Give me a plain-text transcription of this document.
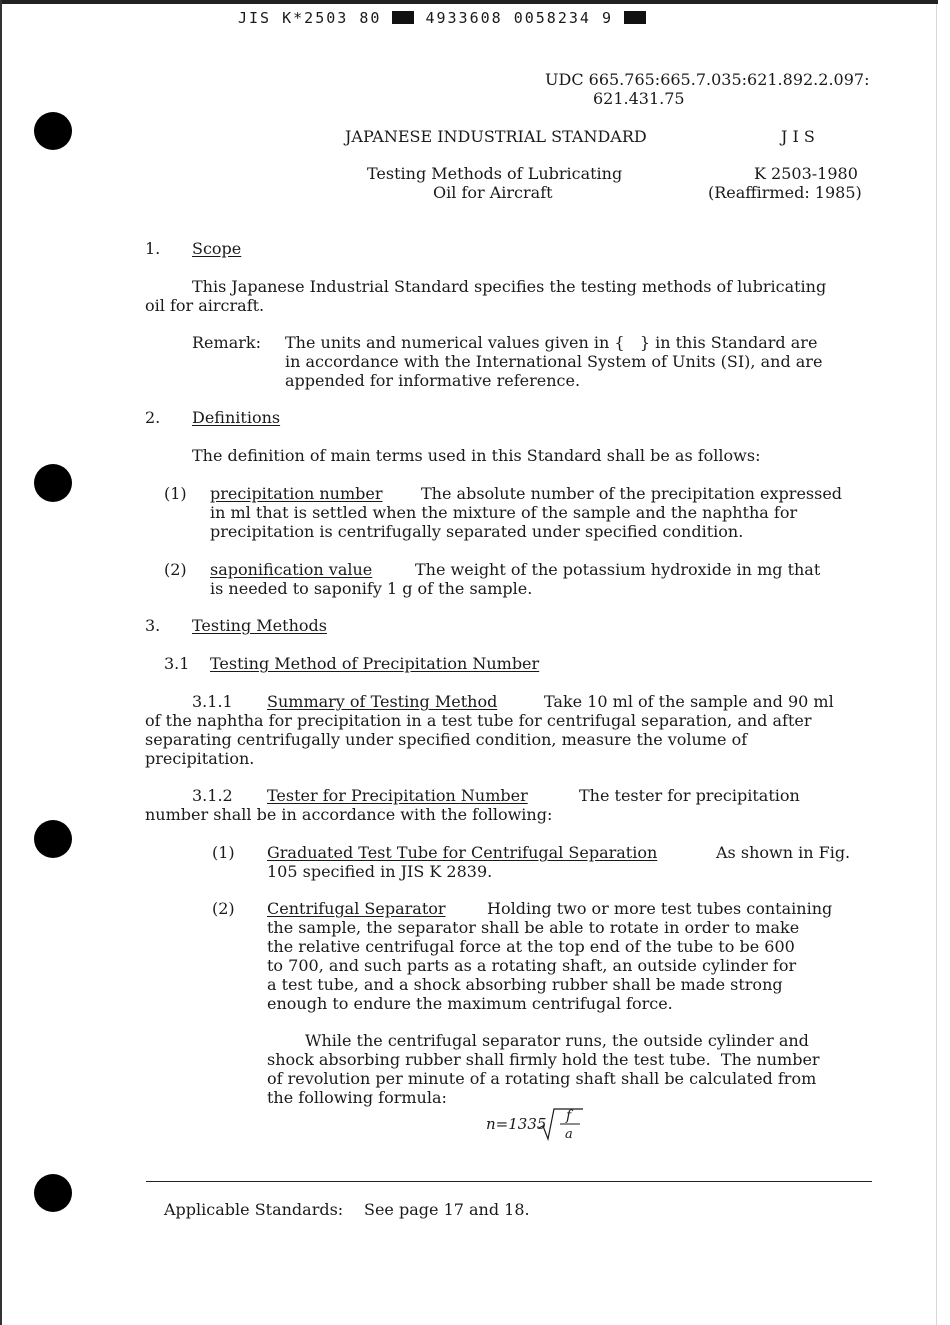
JIS K*2503 80	4933608 0058234 9
UDC 665.765:665.7.035:621.892.2.097:
621.431.75
JAPANESE INDUSTRIAL STANDARD	J I S
Testing Methods of Lubricating
Oil for Aircraft
K 2503-1980
(Reaffirmed: 1985)
1. Scope
This Japanese Industrial Standard specifies the testing methods of lubricating
oil for aircraft.
Remark: The units and numerical values given in {   } in this Standard are
in accordance with the International System of Units (SI), and are
appended for informative reference.
2. Definitions
The definition of main terms used in this Standard shall be as follows:
(1) precipitation number The absolute number of the precipitation expressed
in ml that is settled when the mixture of the sample and the naphtha for
precipitation is centrifugally separated under specified condition.
(2) saponification value	The weight of the potassium hydroxide in mg that
is needed to saponify 1 g of the sample.
3. Testing Methods
3.1 Testing Method of Precipitation Number
3.1.1 Summary of Testing Method	Take 10 ml of the sample and 90 ml
of the naphtha for precipitation in a test tube for centrifugal separation, and after
separating centrifugally under specified condition, measure the volume of
precipitation.
3.1.2 Tester for Precipitation Number	The tester for precipitation
number shall be in accordance with the following:
(1) Graduated Test Tube for Centrifugal Separation	As shown in Fig.
105 specified in JIS K 2839.
(2) Centrifugal Separator	Holding two or more test tubes containing
the sample, the separator shall be able to rotate in order to make
the relative centrifugal force at the top end of the tube to be 600
to 700, and such parts as a rotating shaft, an outside cylinder for
a test tube, and a shock absorbing rubber shall be made strong
enough to endure the maximum centrifugal force.
While the centrifugal separator runs, the outside cylinder and
shock absorbing rubber shall firmly hold the test tube.  The number
of revolution per minute of a rotating shaft shall be calculated from
the following formula:
n=1335 f
a
Applicable Standards: See page 17 and 18.
